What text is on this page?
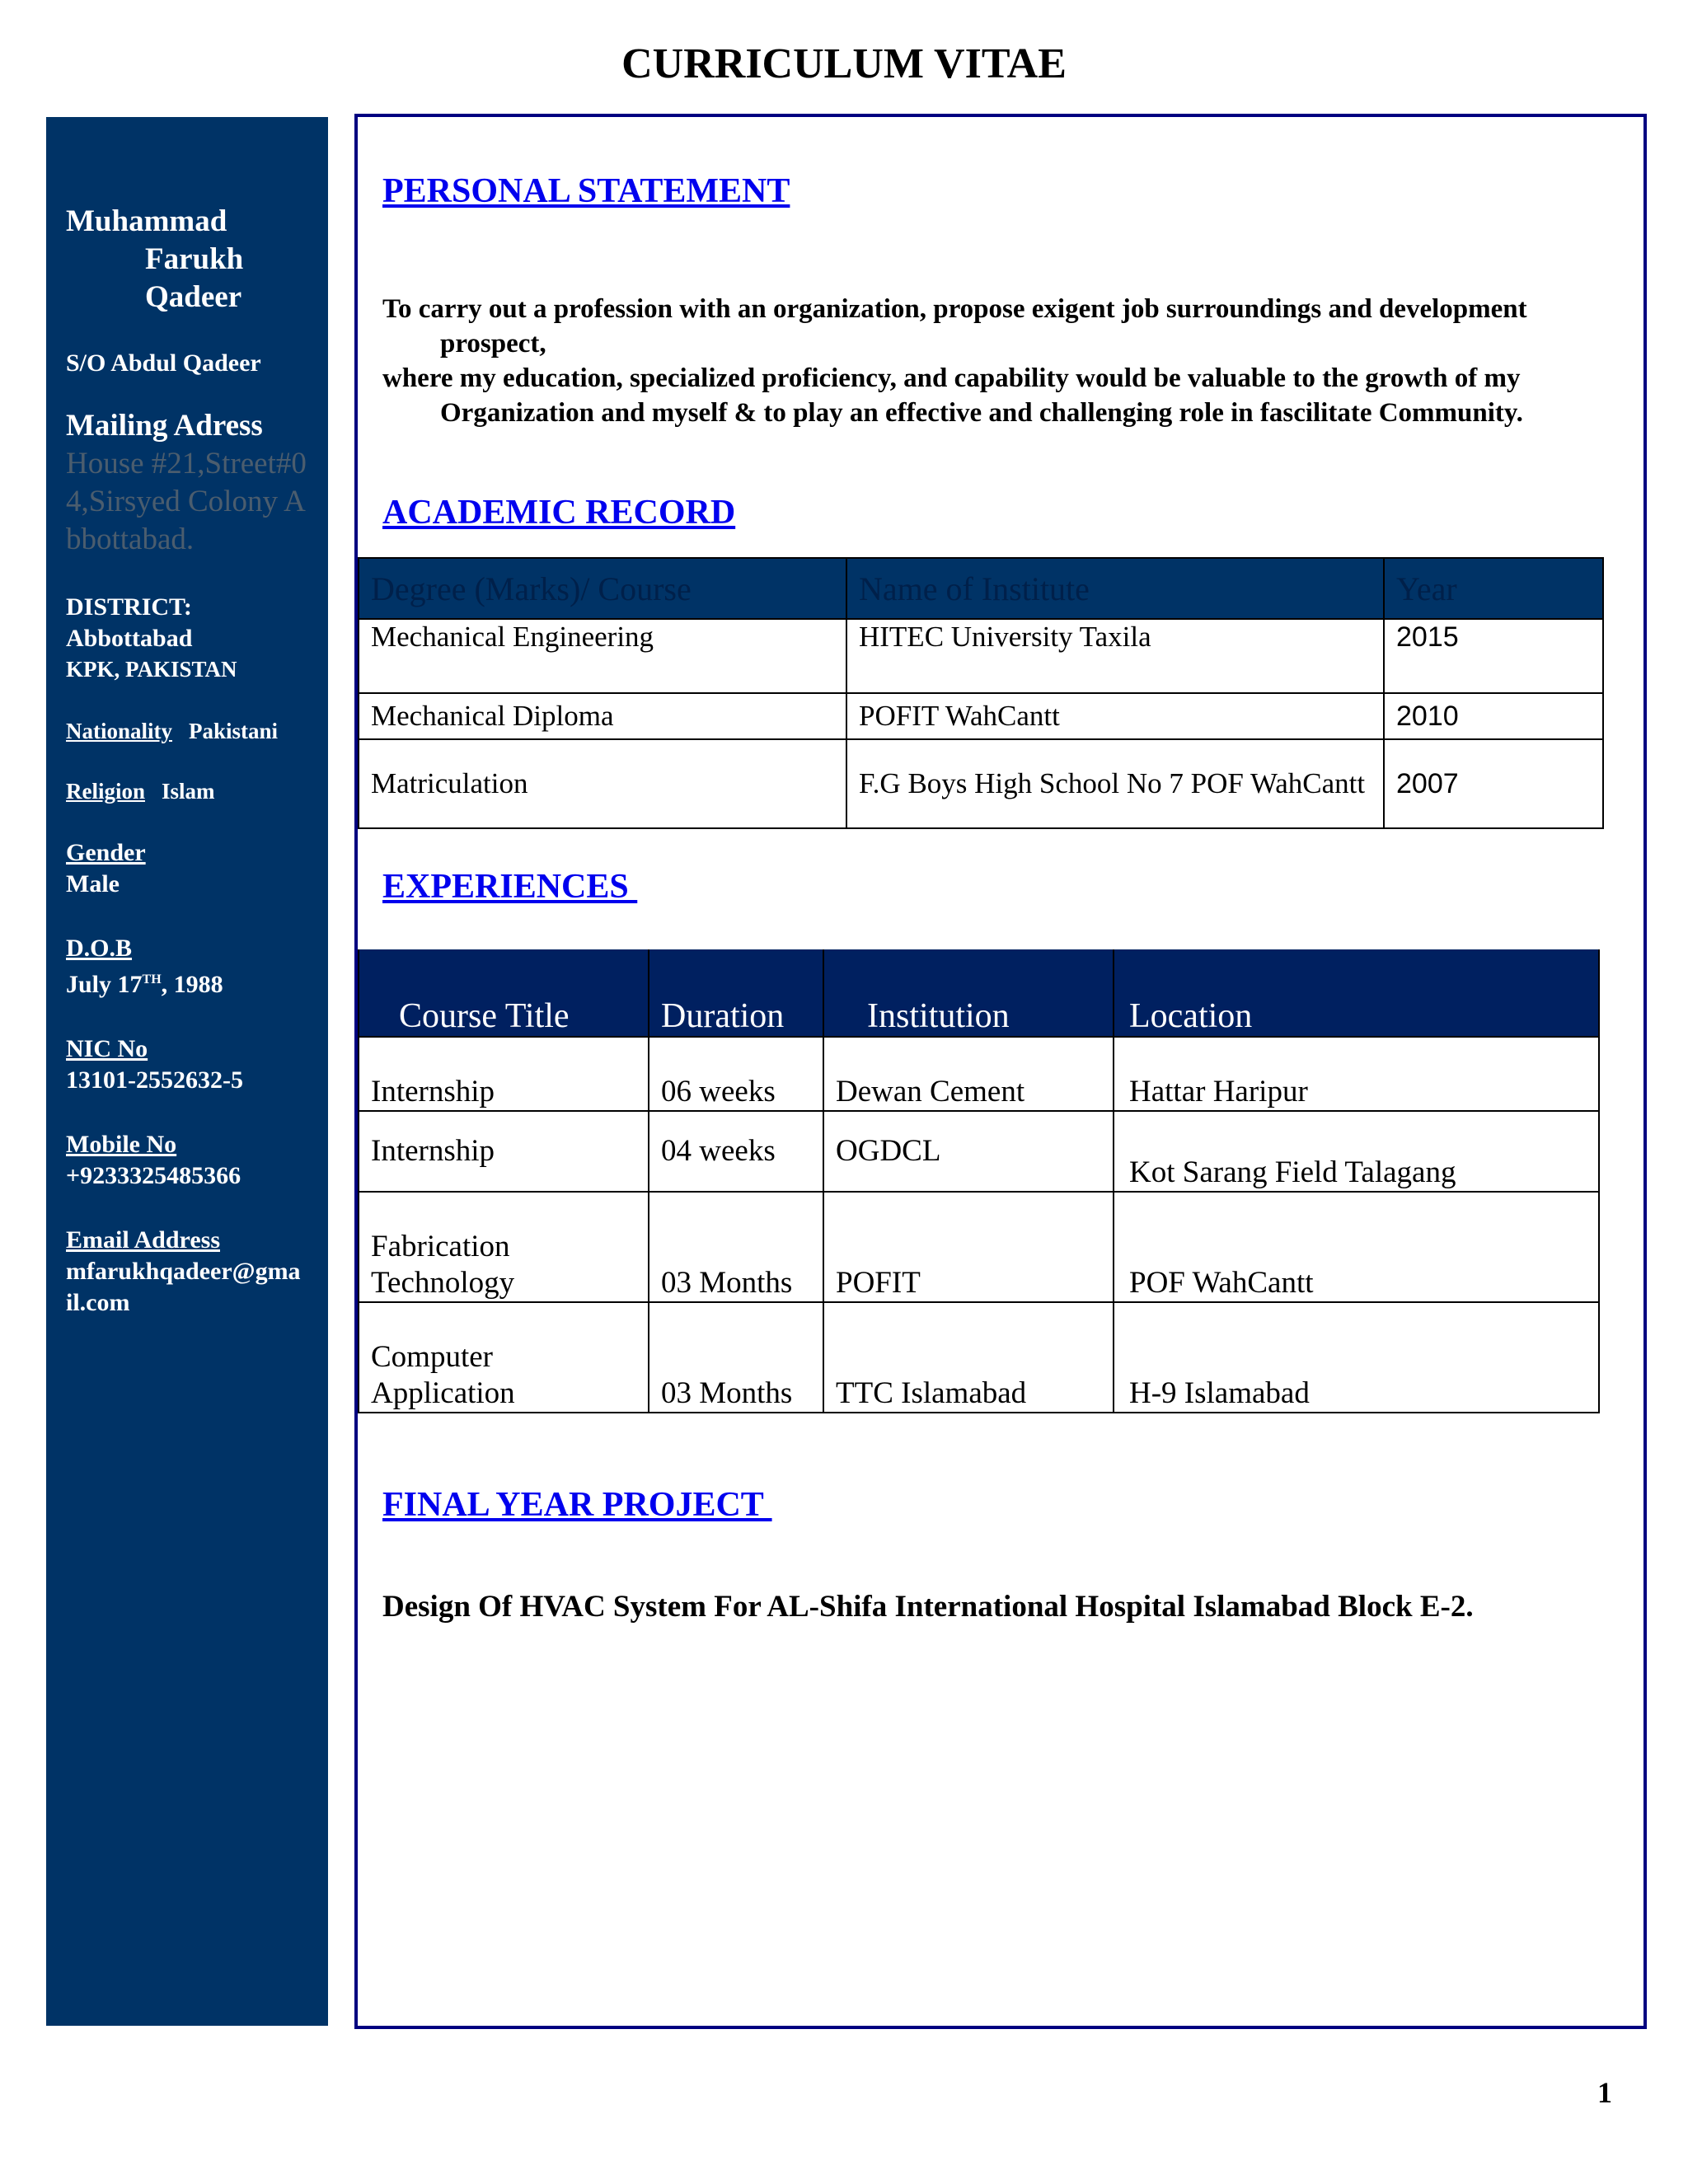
CURRICULUM VITAE
Muhammad
Farukh
Qadeer
S/O Abdul Qadeer
Mailing Adress
House #21,Street#04,Sirsyed Colony Abbottabad.
DISTRICT:
Abbottabad
KPK, PAKISTAN
Nationality Pakistani
Religion Islam
Gender
Male
D.O.B
July 17TH, 1988
NIC No
13101-2552632-5
Mobile No
+9233325485366
Email Address
mfarukhqadeer@gmail.com
PERSONAL STATEMENT

To carry out a profession with an organization, propose exigent job surroundings and development prospect,

where my education, specialized proficiency, and capability would be valuable to the growth of my Organization and myself & to play an effective and challenging role in fascilitate Community.

ACADEMIC RECORD
Degree (Marks)/ Course	Name of Institute	Year
Mechanical Engineering	HITEC University Taxila	2015
Mechanical Diploma	POFIT WahCantt	2010
Matriculation	F.G Boys High School No 7 POF WahCantt	2007
EXPERIENCES
Course Title	Duration	Institution	Location
Internship	06 weeks	Dewan Cement	Hattar Haripur
Internship	04 weeks	OGDCL	Kot Sarang Field Talagang
Fabrication Technology	03 Months	POFIT	POF WahCantt
Computer Application	03 Months	TTC Islamabad	H-9 Islamabad
FINAL YEAR PROJECT
Design Of HVAC System For AL-Shifa International Hospital Islamabad Block E-2.
1
